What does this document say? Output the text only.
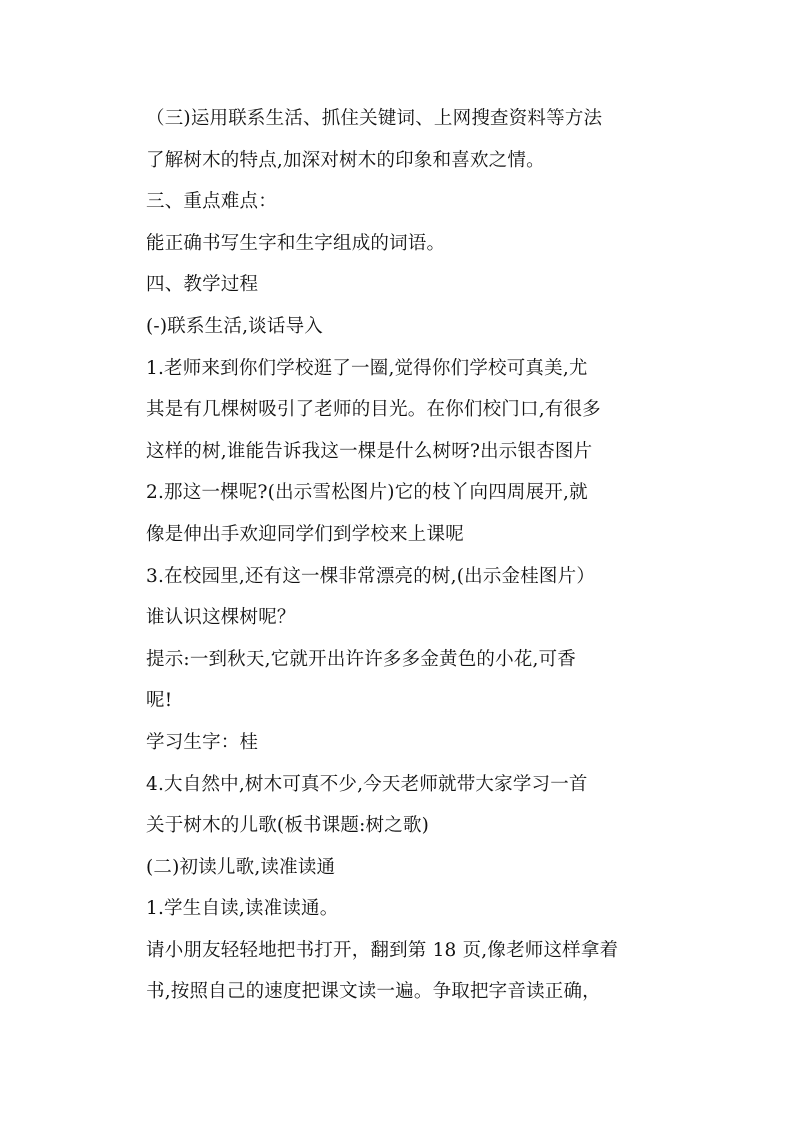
（三)运用联系生活、抓住关键词、上网搜查资料等方法
了解树木的特点,加深对树木的印象和喜欢之情。
三、重点难点：
能正确书写生字和生字组成的词语。
四、教学过程
(-)联系生活,谈话导入
1.老师来到你们学校逛了一圈,觉得你们学校可真美,尤
其是有几棵树吸引了老师的目光。在你们校门口,有很多
这样的树,谁能告诉我这一棵是什么树呀?出示银杏图片
2.那这一棵呢?(出示雪松图片)它的枝丫向四周展开,就
像是伸出手欢迎同学们到学校来上课呢
3.在校园里,还有这一棵非常漂亮的树,(出示金桂图片）
谁认识这棵树呢？
提示:一到秋天,它就开出许许多多金黄色的小花,可香
呢!
学习生字：桂
4.大自然中,树木可真不少,今天老师就带大家学习一首
关于树木的儿歌(板书课题:树之歌)
(二)初读儿歌,读准读通
1.学生自读,读准读通。
请小朋友轻轻地把书打开，翻到第 18 页,像老师这样拿着
书,按照自己的速度把课文读一遍。争取把字音读正确，
